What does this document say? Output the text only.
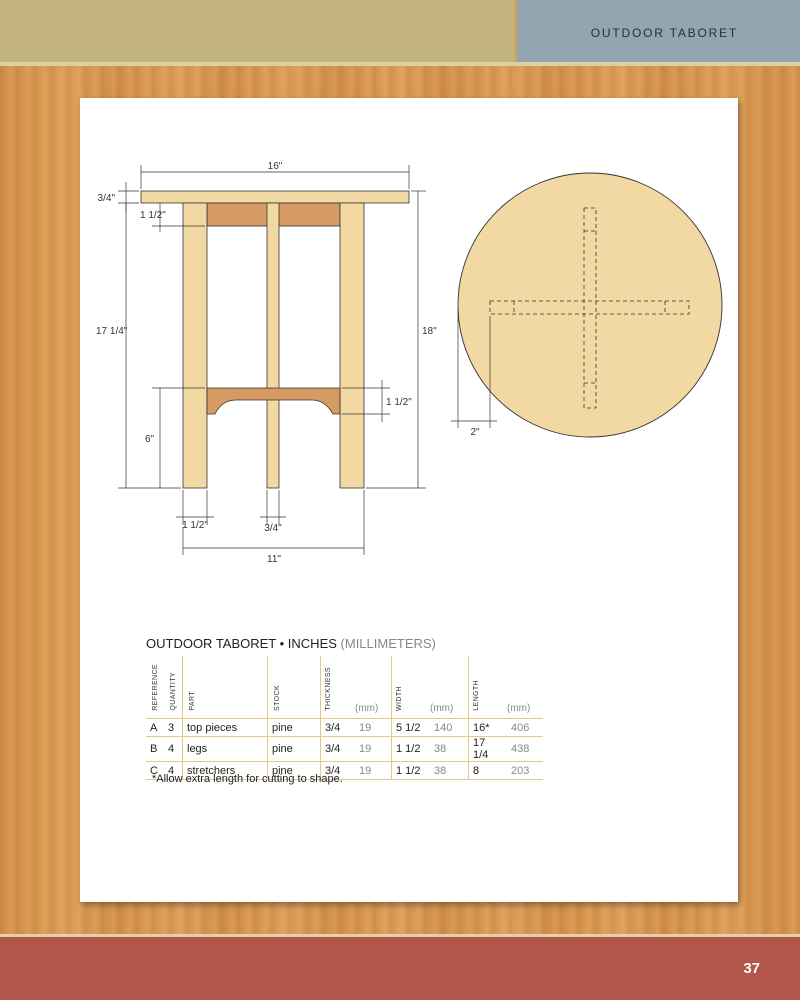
OUTDOOR TABORET
16"
3/4"
1 1/2"
17 1/4"	18"
6"
1 1/2"
1 1/2"	3/4"
11"
2"
OUTDOOR TABORET • INCHES (MILLIMETERS)
REFERENCE	QUANTITY	PART	STOCK	THICKNESS	(mm)	WIDTH	(mm)	LENGTH	(mm)
A	3	top pieces	pine	3/4	19	5 1/2	140	16*	406
B	4	legs	pine	3/4	19	1 1/2	38	17 1/4	438
C	4	stretchers	pine	3/4	19	1 1/2	38	8	203
*Allow extra length for cutting to shape.
37
